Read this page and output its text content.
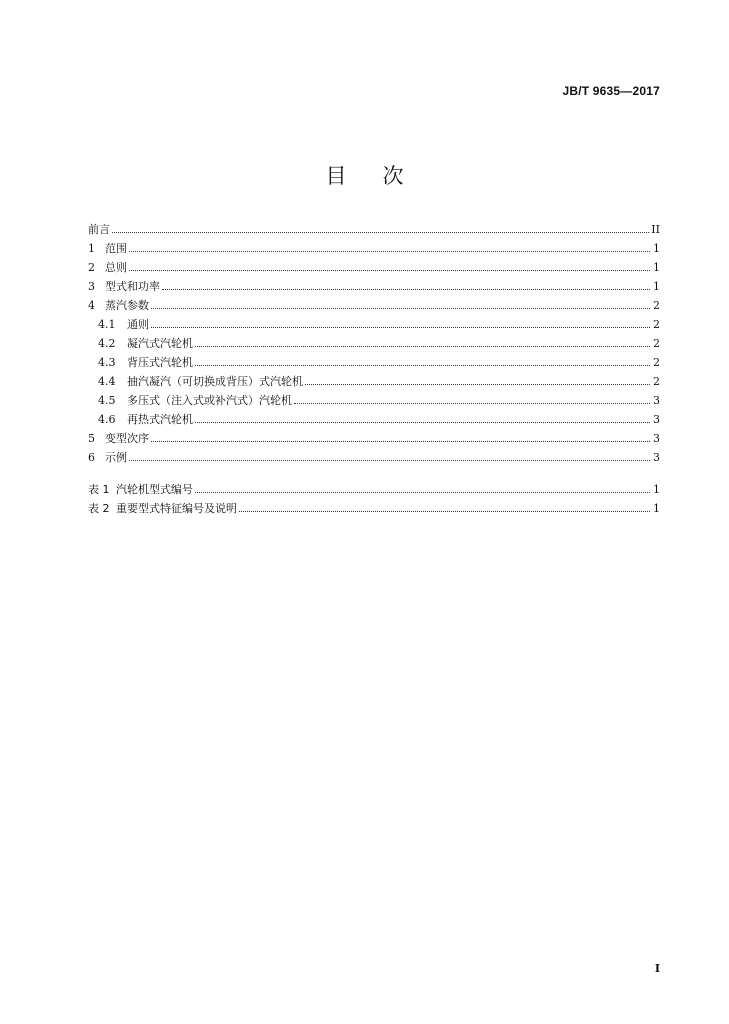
JB/T 9635—2017
目次
前言	II
1 范围	1
2 总则	1
3 型式和功率	1
4 蒸汽参数	2
4.1	通则	2
4.2	凝汽式汽轮机	2
4.3	背压式汽轮机	2
4.4	抽汽凝汽（可切换成背压）式汽轮机	2
4.5	多压式（注入式或补汽式）汽轮机	3
4.6	再热式汽轮机	3
5 变型次序	3
6 示例	3
表 1 汽轮机型式编号	1
表 2 重要型式特征编号及说明	1
I
